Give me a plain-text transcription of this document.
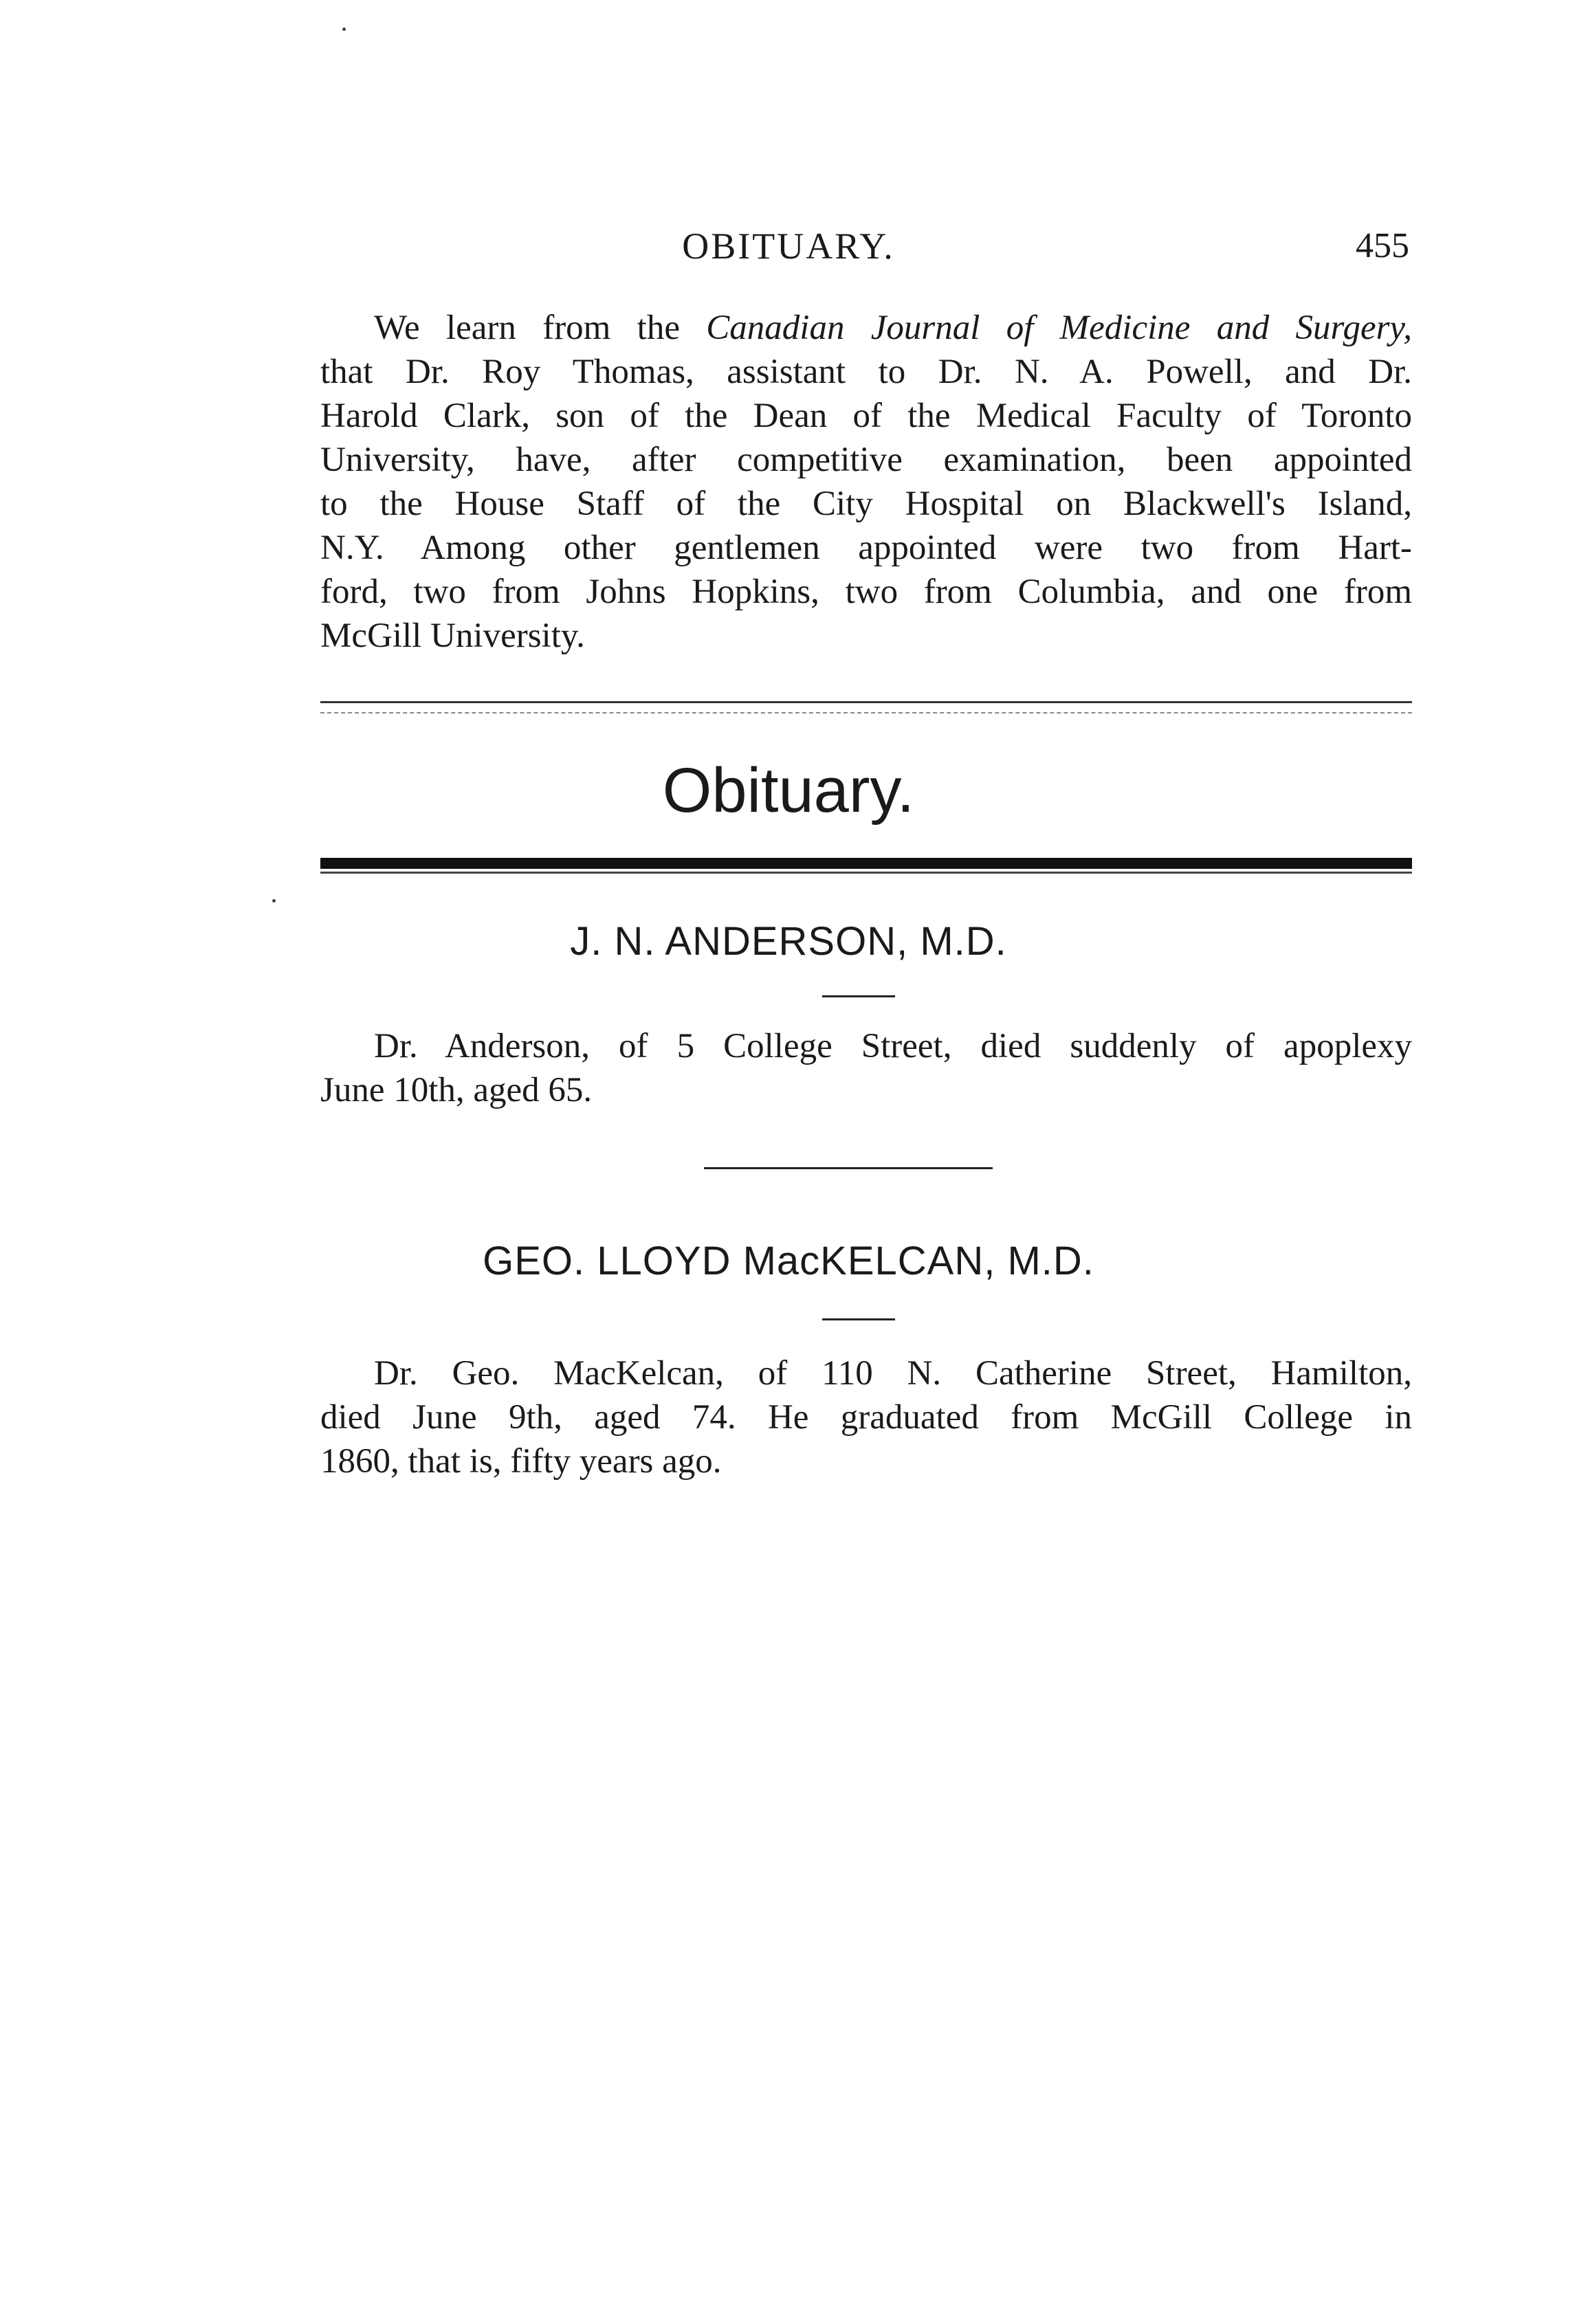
OBITUARY.	455
We learn from the Canadian Journal of Medicine and Surgery,
that Dr. Roy Thomas, assistant to Dr. N. A. Powell, and Dr.
Harold Clark, son of the Dean of the Medical Faculty of Toronto
University, have, after competitive examination, been appointed
to the House Staff of the City Hospital on Blackwell's Island,
N.Y. Among other gentlemen appointed were two from Hart-
ford, two from Johns Hopkins, two from Columbia, and one from
McGill University.
Obituary.
J. N. ANDERSON, M.D.
Dr. Anderson, of 5 College Street, died suddenly of apoplexy
June 10th, aged 65.
GEO. LLOYD MacKELCAN, M.D.
Dr. Geo. MacKelcan, of 110 N. Catherine Street, Hamilton,
died June 9th, aged 74. He graduated from McGill College in
1860, that is, fifty years ago.
